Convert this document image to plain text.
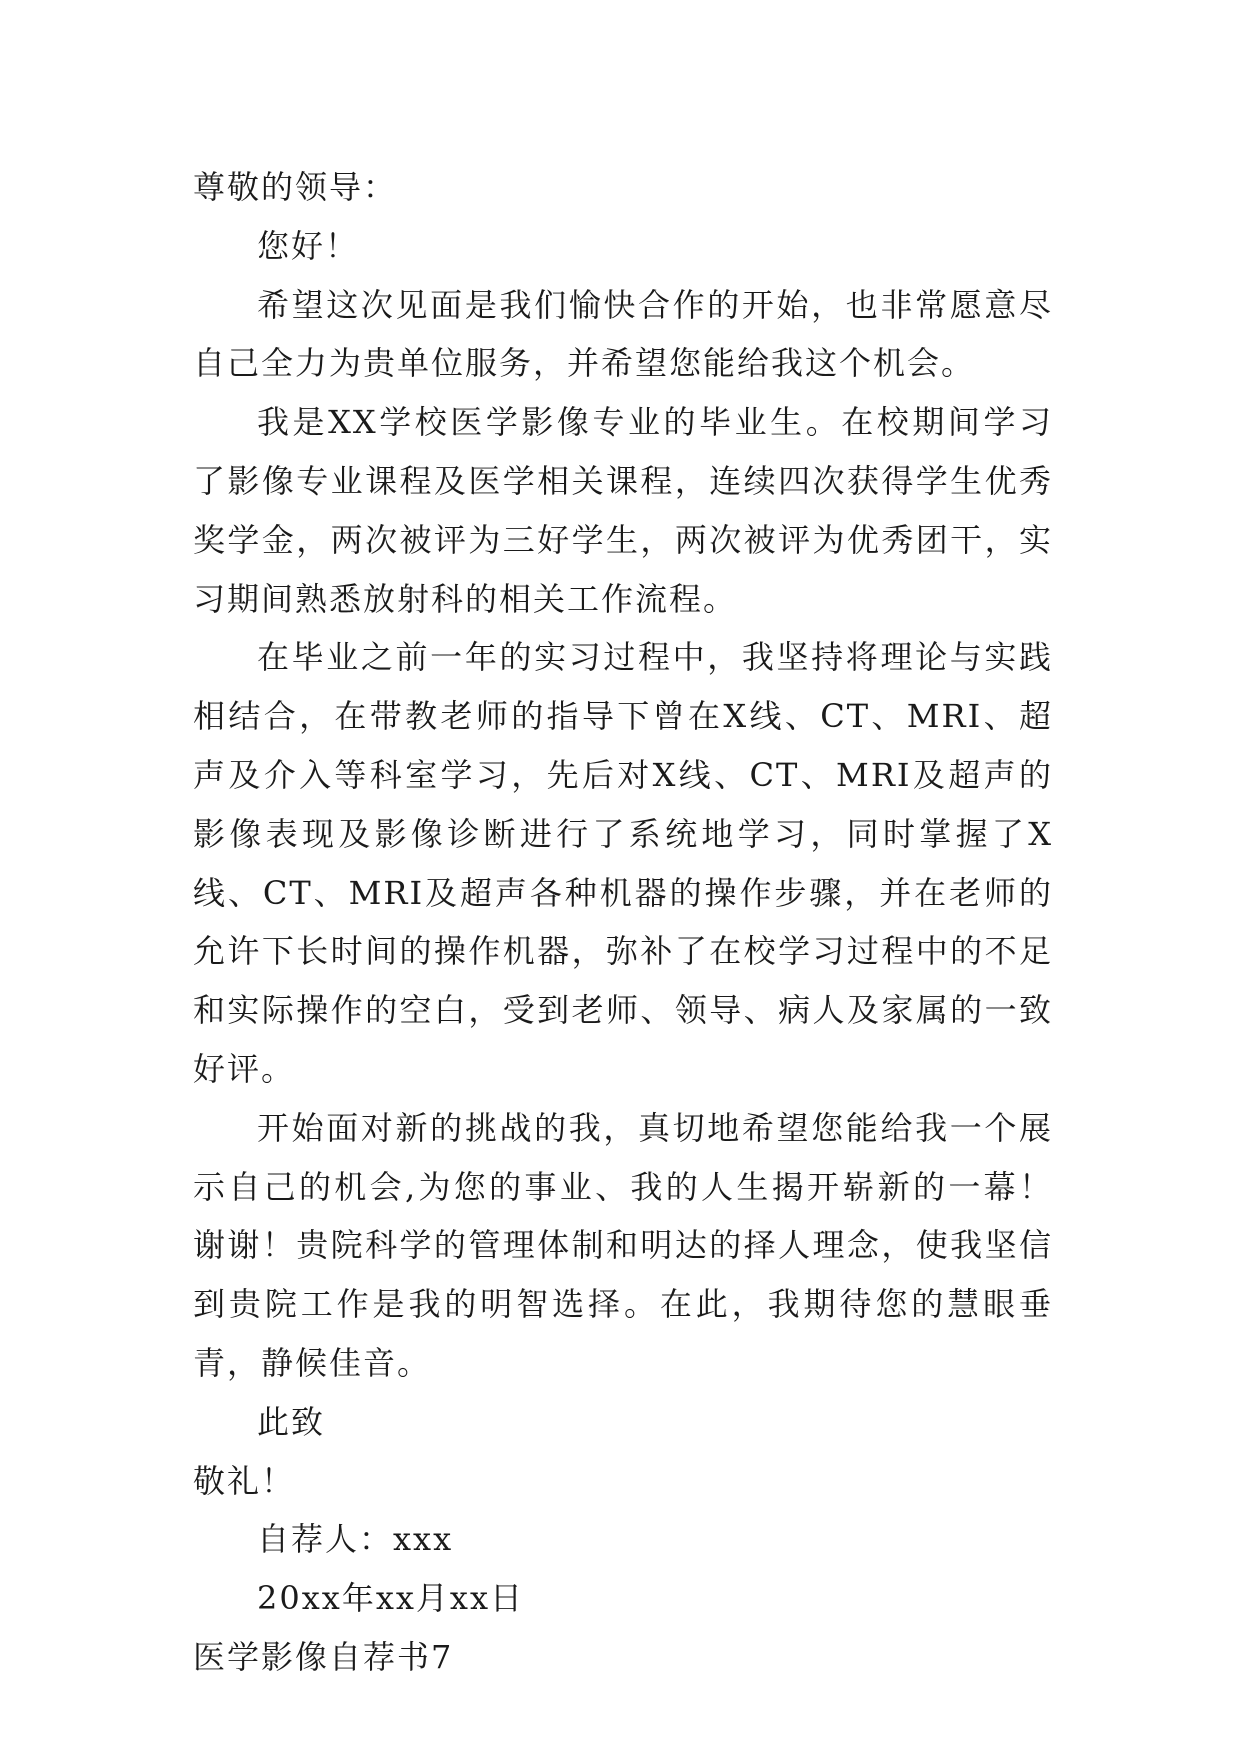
尊敬的领导：
您好！

希望这次见面是我们愉快合作的开始，也非常愿意尽自己全力为贵单位服务，并希望您能给我这个机会。

我是XX学校医学影像专业的毕业生。在校期间学习了影像专业课程及医学相关课程，连续四次获得学生优秀奖学金，两次被评为三好学生，两次被评为优秀团干，实习期间熟悉放射科的相关工作流程。

在毕业之前一年的实习过程中，我坚持将理论与实践相结合，在带教老师的指导下曾在X线、CT、MRI、超声及介入等科室学习，先后对X线、CT、MRI及超声的影像表现及影像诊断进行了系统地学习，同时掌握了X线、CT、MRI及超声各种机器的操作步骤，并在老师的允许下长时间的操作机器，弥补了在校学习过程中的不足和实际操作的空白，受到老师、领导、病人及家属的一致好评。

开始面对新的挑战的我，真切地希望您能给我一个展示自己的机会,为您的事业、我的人生揭开崭新的一幕！谢谢！贵院科学的管理体制和明达的择人理念，使我坚信到贵院工作是我的明智选择。在此，我期待您的慧眼垂青，静候佳音。

此致
敬礼！
自荐人：xxx
20xx年xx月xx日
医学影像自荐书7
